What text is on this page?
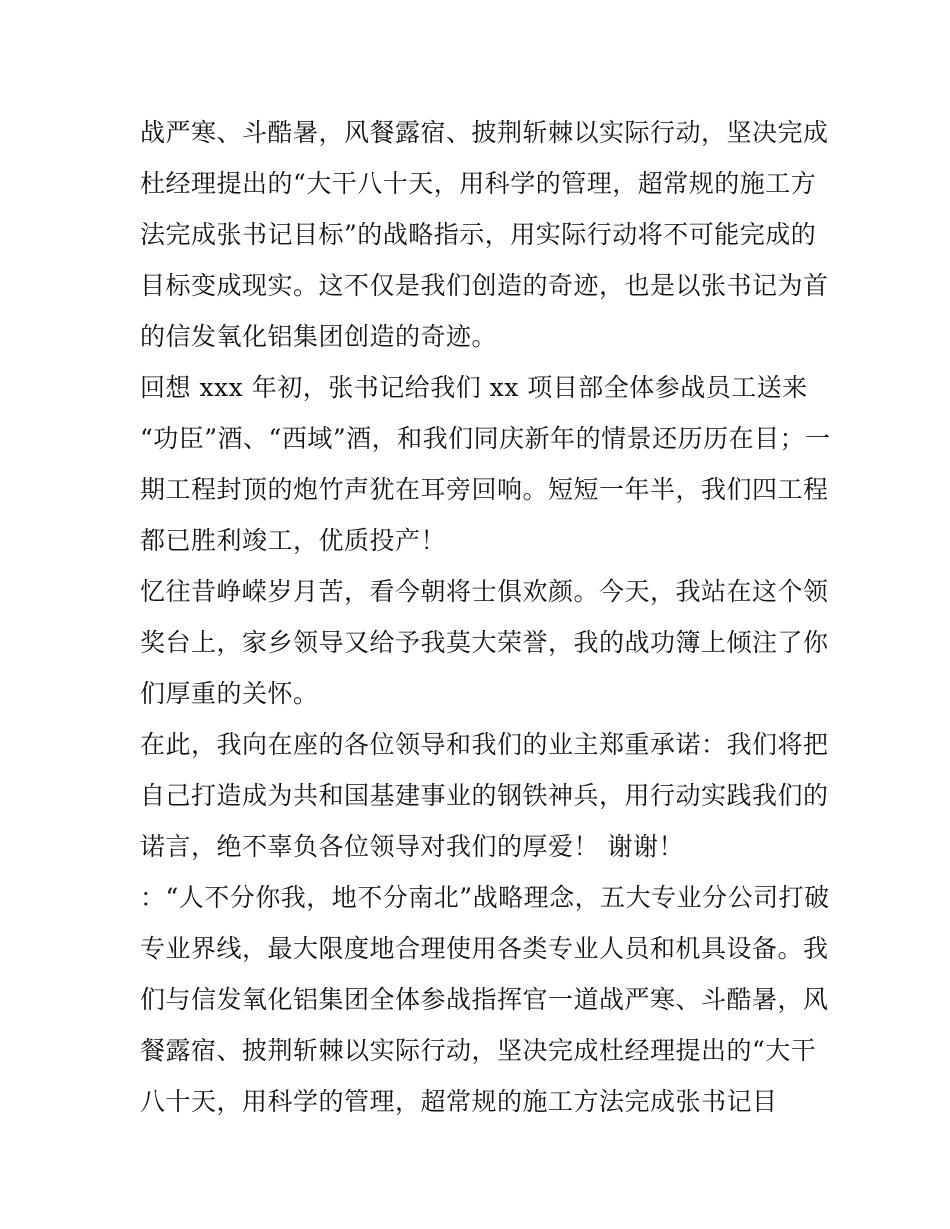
战严寒、斗酷暑，风餐露宿、披荆斩棘以实际行动，坚决完成
杜经理提出的“大干八十天，用科学的管理，超常规的施工方
法完成张书记目标”的战略指示，用实际行动将不可能完成的
目标变成现实。这不仅是我们创造的奇迹，也是以张书记为首
的信发氧化铝集团创造的奇迹。
回想 xxx 年初，张书记给我们 xx 项目部全体参战员工送来
“功臣”酒、“西域”酒，和我们同庆新年的情景还历历在目；一
期工程封顶的炮竹声犹在耳旁回响。短短一年半，我们四工程
都已胜利竣工，优质投产！
忆往昔峥嵘岁月苦，看今朝将士俱欢颜。今天，我站在这个领
奖台上，家乡领导又给予我莫大荣誉，我的战功簿上倾注了你
们厚重的关怀。
在此，我向在座的各位领导和我们的业主郑重承诺：我们将把
自己打造成为共和国基建事业的钢铁神兵，用行动实践我们的
诺言，绝不辜负各位领导对我们的厚爱！ 谢谢！
：“人不分你我，地不分南北”战略理念，五大专业分公司打破
专业界线，最大限度地合理使用各类专业人员和机具设备。我
们与信发氧化铝集团全体参战指挥官一道战严寒、斗酷暑，风
餐露宿、披荆斩棘以实际行动，坚决完成杜经理提出的“大干
八十天，用科学的管理，超常规的施工方法完成张书记目
